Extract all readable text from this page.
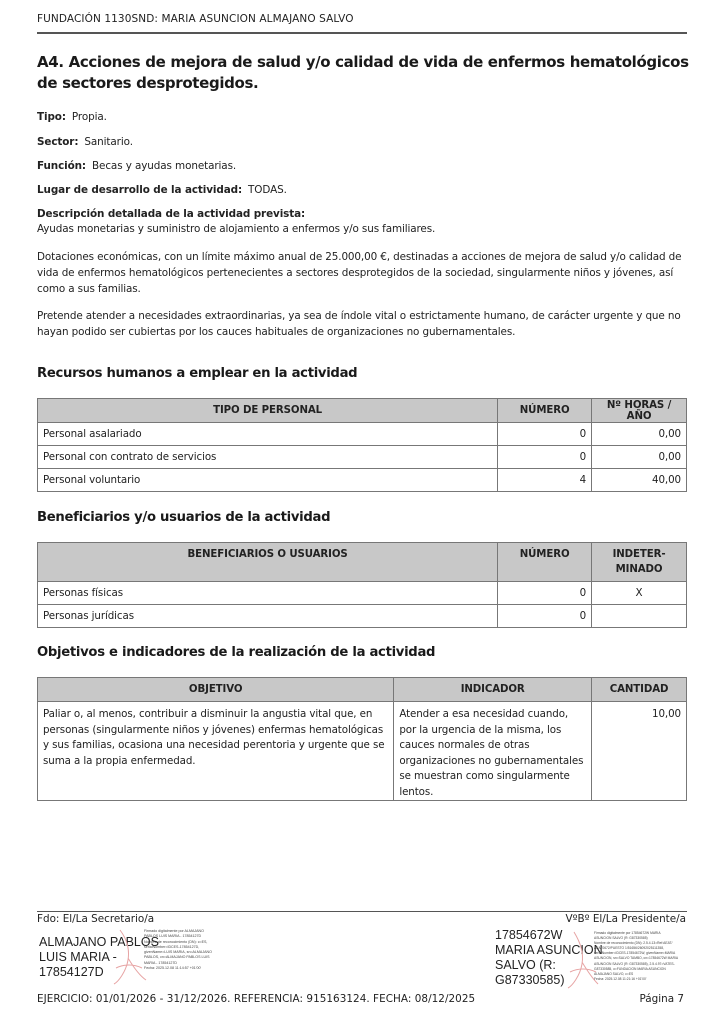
FUNDACIÓN 1130SND: MARIA ASUNCION ALMAJANO SALVO
A4. Acciones de mejora de salud y/o calidad de vida de enfermos hematológicos de sectores desprotegidos.
Tipo: Propia.
Sector: Sanitario.
Función: Becas y ayudas monetarias.
Lugar de desarrollo de la actividad: TODAS.
Descripción detallada de la actividad prevista:
Ayudas monetarias y suministro de alojamiento a enfermos y/o sus familiares.
Dotaciones económicas, con un límite máximo anual de 25.000,00 €, destinadas a acciones de mejora de salud y/o calidad de vida de enfermos hematológicos pertenecientes a sectores desprotegidos de la sociedad, singularmente niños y jóvenes, así como a sus familias.
Pretende atender a necesidades extraordinarias, ya sea de índole vital o estrictamente humano, de carácter urgente y que no hayan podido ser cubiertas por los cauces habituales de organizaciones no gubernamentales.
Recursos humanos a emplear en la actividad
TIPO DE PERSONAL	NÚMERO	Nº HORAS / AÑO
Personal asalariado	0	0,00
Personal con contrato de servicios	0	0,00
Personal voluntario	4	40,00
Beneficiarios y/o usuarios de la actividad
BENEFICIARIOS O USUARIOS	NÚMERO	INDETER-
MINADO
Personas físicas	0	X
Personas jurídicas	0	
Objetivos e indicadores de la realización de la actividad
OBJETIVO	INDICADOR	CANTIDAD
Paliar o, al menos, contribuir a disminuir la angustia vital que, en personas (singularmente niños y jóvenes) enfermas hematológicas y sus familias, ocasiona una necesidad perentoria y urgente que se suma a la propia enfermedad.	Atender a esa necesidad cuando, por la urgencia de la misma, los cauces normales de otras organizaciones no gubernamentales se muestran como singularmente lentos.	10,00
Fdo: El/La Secretario/a	VºBº El/La Presidente/a
ALMAJANO PABLOS
LUIS MARIA -
17854127D
Firmado digitalmente por ALMAJANO
PABLOS LUIS MARIA - 17854127D
Nombre de reconocimiento (DN): c=ES,
serialNumber=IDCES-17854127D,
givenName=LUIS MARIA, sn=ALMAJANO
PABLOS, cn=ALMAJANO PABLOS LUIS
MARIA - 17854127D
Fecha: 2025.12.08 11:14:57 +01'00'
17854672W
MARIA ASUNCION
SALVO (R:
G87330585)
Firmado digitalmente por 17854672W MARIA
ASUNCION SALVO (R: G87330585)
Nombre de reconocimiento (DN): 2.5.4.13=Ref:AEAT/
AEAT0672/PUESTO 1/51656/26092025111358,
serialNumber=IDCES-17854672W, givenName=MARIA
ASUNCION, sn=SALVO TAMBO, cn=17854672W MARIA
ASUNCION SALVO (R: G87330585), 2.5.4.97=VATES-
G87330585, o=FUNDACION MARIA ASUNCION
ALMAJANO SALVO, c=ES
Fecha: 2025.12.08 11:21:16 +01'00'
EJERCICIO: 01/01/2026 - 31/12/2026. REFERENCIA: 915163124. FECHA: 08/12/2025	Página 7
